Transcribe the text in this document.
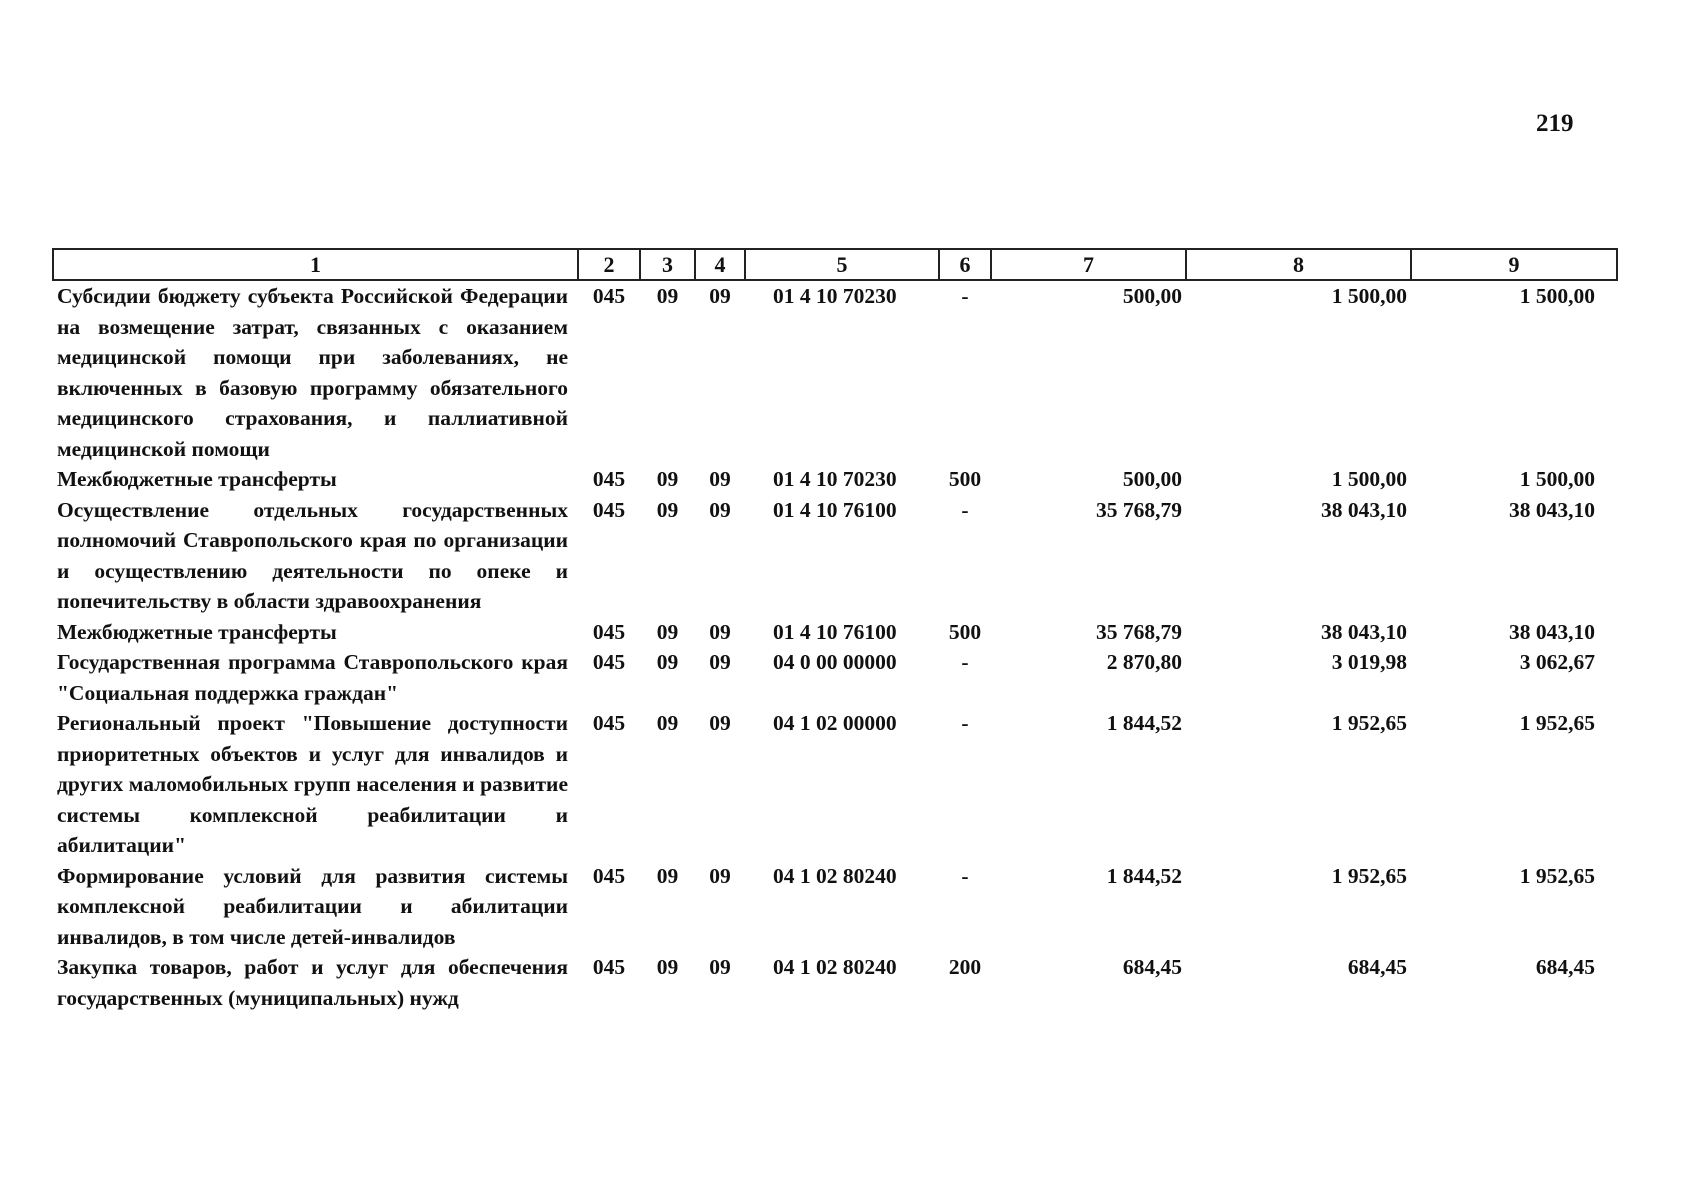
219
1	2	3	4	5	6	7	8	9
Субсидии бюджету субъекта Российской Федерации на возмещение затрат, связанных с оказанием медицинской помощи при заболеваниях, не включенных в базовую программу обязательного медицинского страхования, и паллиативной медицинской помощи	045	09	09	01 4 10 70230	-	500,00	1 500,00	1 500,00
Межбюджетные трансферты	045	09	09	01 4 10 70230	500	500,00	1 500,00	1 500,00
Осуществление отдельных государственных полномочий Ставропольского края по организации и осуществлению деятельности по опеке и попечительству в области здравоохранения	045	09	09	01 4 10 76100	-	35 768,79	38 043,10	38 043,10
Межбюджетные трансферты	045	09	09	01 4 10 76100	500	35 768,79	38 043,10	38 043,10
Государственная программа Ставропольского края "Социальная поддержка граждан"	045	09	09	04 0 00 00000	-	2 870,80	3 019,98	3 062,67
Региональный проект "Повышение доступности приоритетных объектов и услуг для инвалидов и других маломобильных групп населения и развитие системы комплексной реабилитации и абилитации"	045	09	09	04 1 02 00000	-	1 844,52	1 952,65	1 952,65
Формирование условий для развития системы комплексной реабилитации и абилитации инвалидов, в том числе детей-инвалидов	045	09	09	04 1 02 80240	-	1 844,52	1 952,65	1 952,65
Закупка товаров, работ и услуг для обеспечения государственных (муниципальных) нужд	045	09	09	04 1 02 80240	200	684,45	684,45	684,45
